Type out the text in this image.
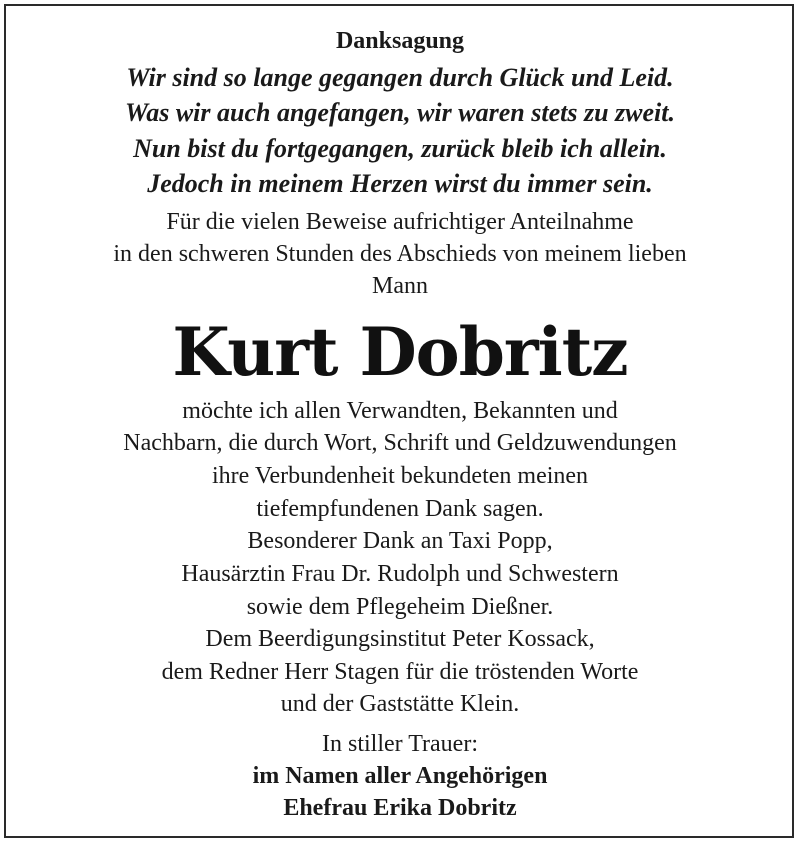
Danksagung
Wir sind so lange gegangen durch Glück und Leid.
Was wir auch angefangen, wir waren stets zu zweit.
Nun bist du fortgegangen, zurück bleib ich allein.
Jedoch in meinem Herzen wirst du immer sein.
Für die vielen Beweise aufrichtiger Anteilnahme
in den schweren Stunden des Abschieds von meinem lieben
Mann
Kurt Dobritz
möchte ich allen Verwandten, Bekannten und
Nachbarn, die durch Wort, Schrift und Geldzuwendungen
ihre Verbundenheit bekundeten meinen
tiefempfundenen Dank sagen.
Besonderer Dank an Taxi Popp,
Hausärztin Frau Dr. Rudolph und Schwestern
sowie dem Pflegeheim Dießner.
Dem Beerdigungsinstitut Peter Kossack,
dem Redner Herr Stagen für die tröstenden Worte
und der Gaststätte Klein.
In stiller Trauer:
im Namen aller Angehörigen
Ehefrau Erika Dobritz
